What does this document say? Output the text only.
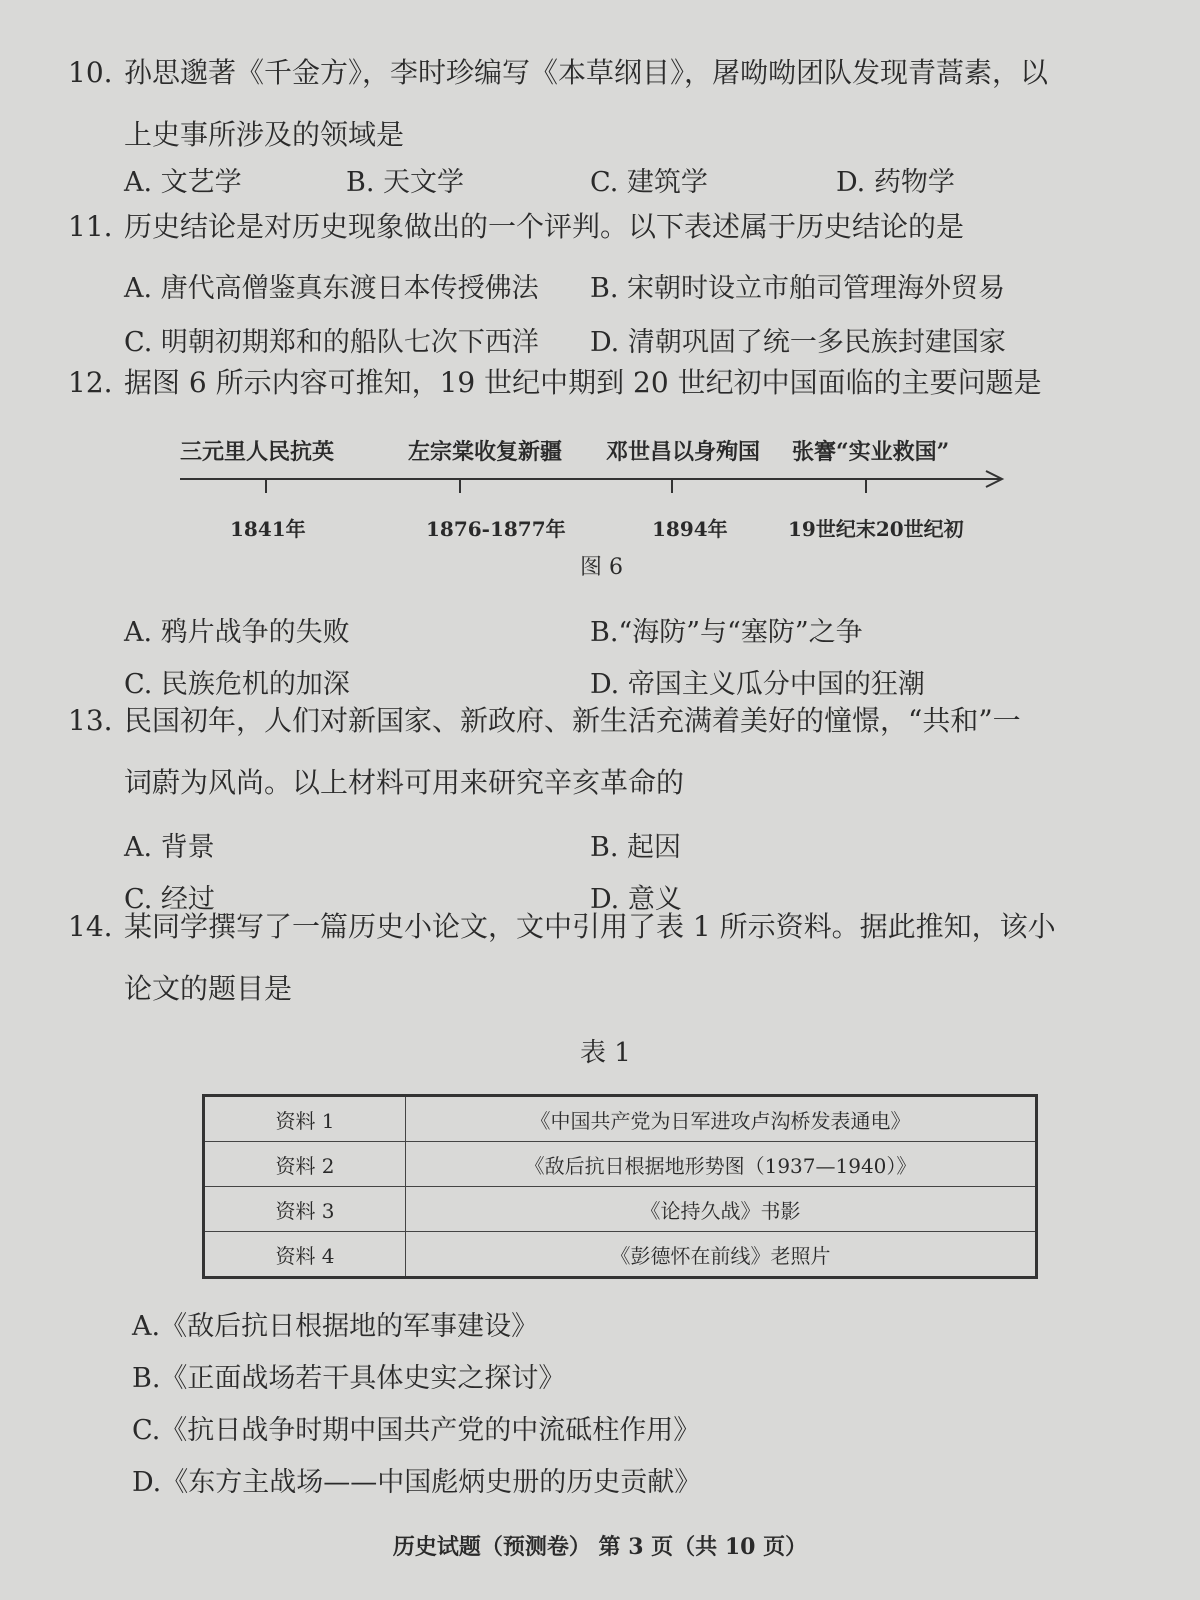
10. 孙思邈著《千金方》，李时珍编写《本草纲目》，屠呦呦团队发现青蒿素，以
上史事所涉及的领域是
A. 文艺学	B. 天文学	C. 建筑学	D. 药物学
11. 历史结论是对历史现象做出的一个评判。以下表述属于历史结论的是
A. 唐代高僧鉴真东渡日本传授佛法 B. 宋朝时设立市舶司管理海外贸易
C. 明朝初期郑和的船队七次下西洋 D. 清朝巩固了统一多民族封建国家
12. 据图 6 所示内容可推知，19 世纪中期到 20 世纪初中国面临的主要问题是
三元里人民抗英	左宗棠收复新疆 邓世昌以身殉国 张謇“实业救国”
1841年	1876-1877年	1894年	19世纪末20世纪初
图 6
A. 鸦片战争的失败	B.“海防”与“塞防”之争
C. 民族危机的加深	D. 帝国主义瓜分中国的狂潮
13. 民国初年，人们对新国家、新政府、新生活充满着美好的憧憬，“共和”一
词蔚为风尚。以上材料可用来研究辛亥革命的
A. 背景	B. 起因
C. 经过	D. 意义
14. 某同学撰写了一篇历史小论文，文中引用了表 1 所示资料。据此推知，该小
论文的题目是
表 1
资料 1	《中国共产党为日军进攻卢沟桥发表通电》
资料 2	《敌后抗日根据地形势图（1937—1940）》
资料 3	《论持久战》书影
资料 4	《彭德怀在前线》老照片
A.《敌后抗日根据地的军事建设》
B.《正面战场若干具体史实之探讨》
C.《抗日战争时期中国共产党的中流砥柱作用》
D.《东方主战场——中国彪炳史册的历史贡献》
历史试题（预测卷） 第 3 页（共 10 页）
